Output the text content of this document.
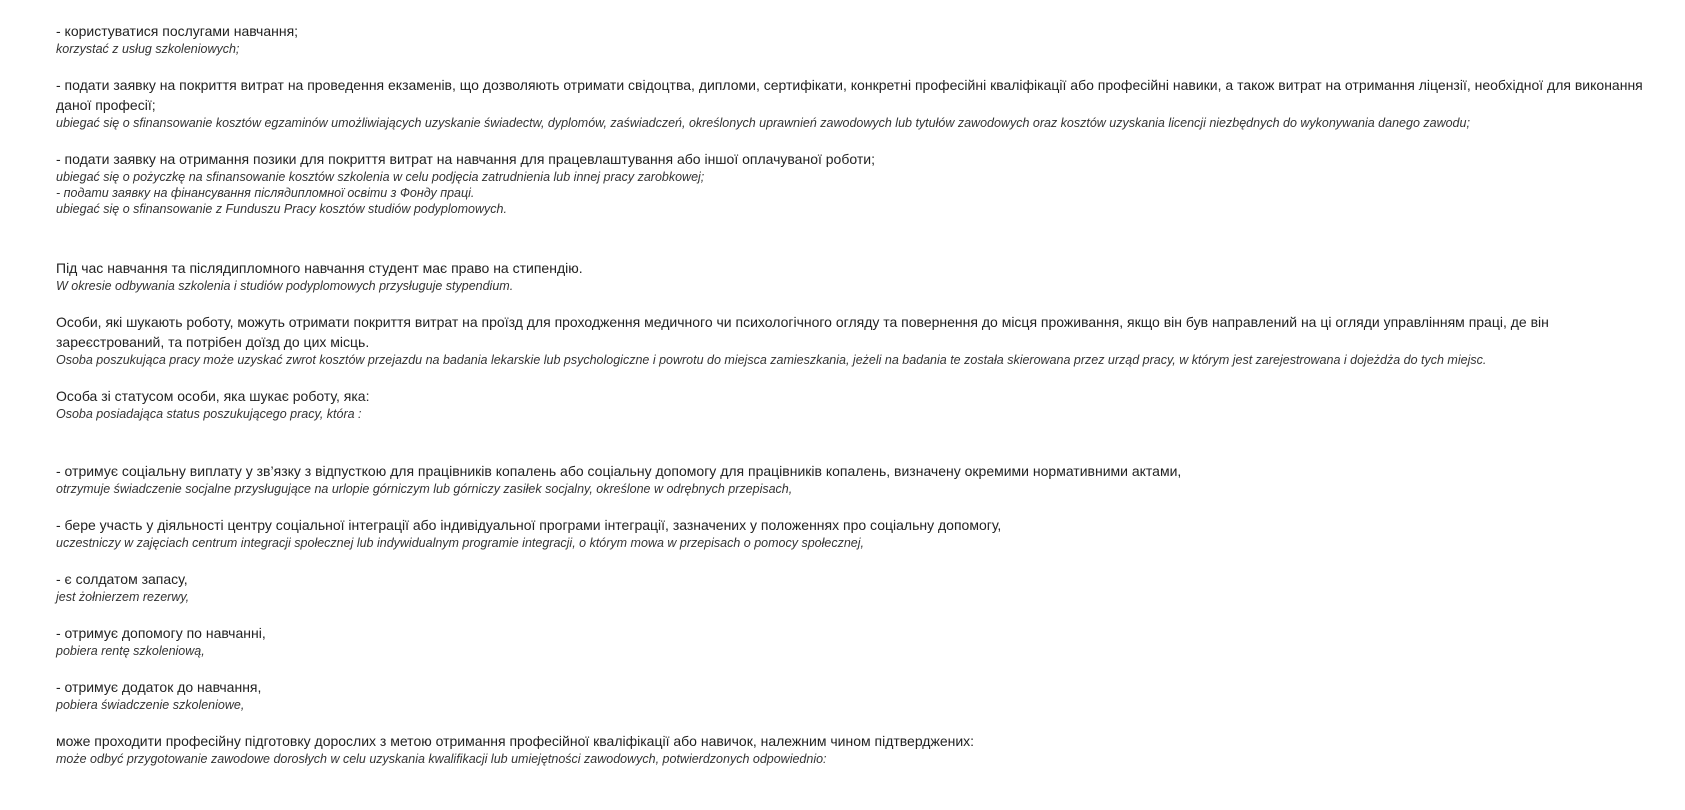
- користуватися послугами навчання;
korzystać z usług szkoleniowych;
- подати заявку на покриття витрат на проведення екзаменів, що дозволяють отримати свідоцтва, дипломи, сертифікати, конкретні професійні кваліфікації або професійні навики, а також витрат на отримання ліцензії, необхідної для виконання даної професії;
ubiegać się o sfinansowanie kosztów egzaminów umożliwiających uzyskanie świadectw, dyplomów, zaświadczeń, określonych uprawnień zawodowych lub tytułów zawodowych oraz kosztów uzyskania licencji niezbędnych do wykonywania danego zawodu;
- подати заявку на отримання позики для покриття витрат на навчання для працевлаштування або іншої оплачуваної роботи;
ubiegać się o pożyczkę na sfinansowanie kosztów szkolenia w celu podjęcia zatrudnienia lub innej pracy zarobkowej;
- подати заявку на фінансування післядипломної освіти з Фонду праці.
ubiegać się o sfinansowanie z Funduszu Pracy kosztów studiów podyplomowych.
Під час навчання та післядипломного навчання студент має право на стипендію.
W okresie odbywania szkolenia i studiów podyplomowych przysługuje stypendium.
Особи, які шукають роботу, можуть отримати покриття витрат на проїзд для проходження медичного чи психологічного огляду та повернення до місця проживання, якщо він був направлений на ці огляди управлінням праці, де він зареєстрований, та потрібен доїзд до цих місць.
Osoba poszukująca pracy może uzyskać zwrot kosztów przejazdu na badania lekarskie lub psychologiczne i powrotu do miejsca zamieszkania, jeżeli na badania te została skierowana przez urząd pracy, w którym jest zarejestrowana i dojeżdża do tych miejsc.
Особа зі статусом особи, яка шукає роботу, яка:
Osoba posiadająca status poszukującego pracy, która :
- отримує соціальну виплату у зв’язку з відпусткою для працівників копалень або соціальну допомогу для працівників копалень, визначену окремими нормативними актами,
otrzymuje świadczenie socjalne przysługujące na urlopie górniczym lub górniczy zasiłek socjalny, określone w odrębnych przepisach,
- бере участь у діяльності центру соціальної інтеграції або індивідуальної програми інтеграції, зазначених у положеннях про соціальну допомогу,
uczestniczy w zajęciach centrum integracji społecznej lub indywidualnym programie integracji, o którym mowa w przepisach o pomocy społecznej,
- є солдатом запасу,
jest żołnierzem rezerwy,
- отримує допомогу по навчанні,
pobiera rentę szkoleniową,
- отримує додаток до навчання,
pobiera świadczenie szkoleniowe,
може проходити професійну підготовку дорослих з метою отримання професійної кваліфікації або навичок, належним чином підтверджених:
może odbyć przygotowanie zawodowe dorosłych w celu uzyskania kwalifikacji lub umiejętności zawodowych, potwierdzonych odpowiednio:
